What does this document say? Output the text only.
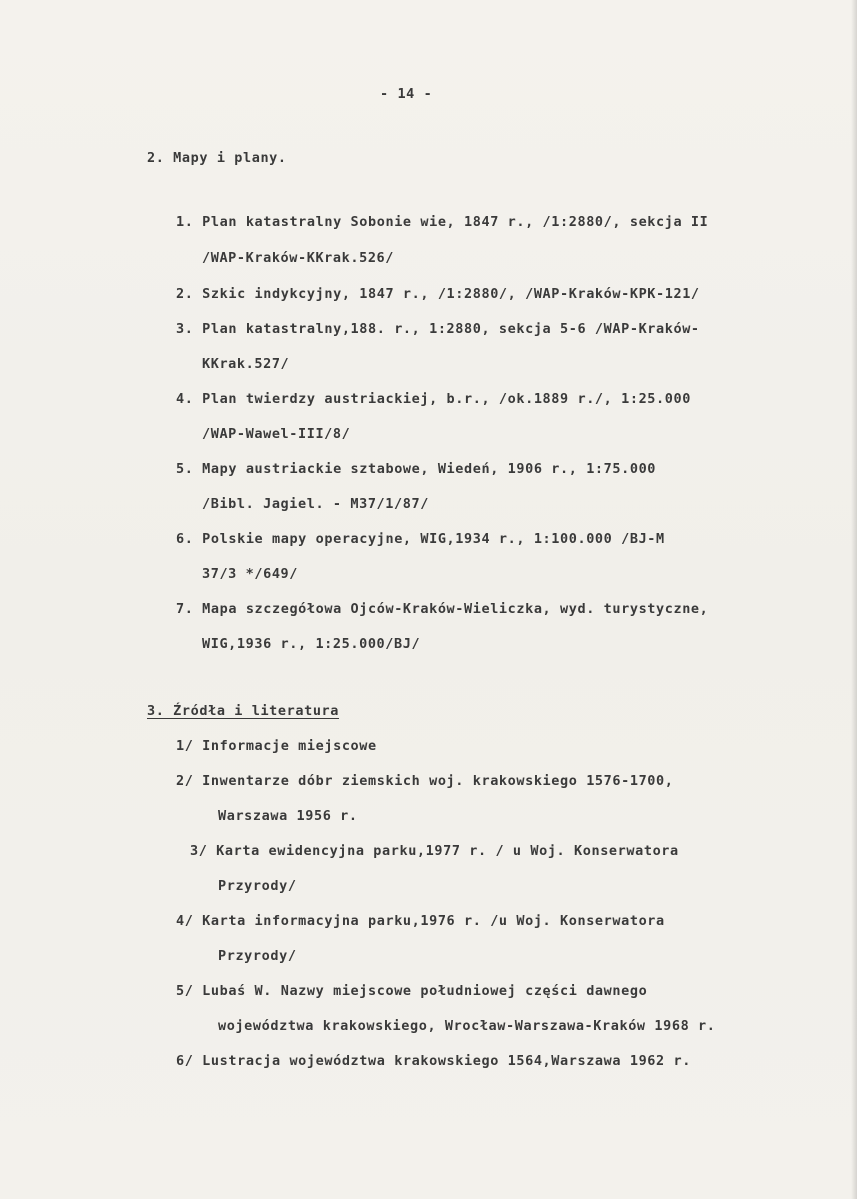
- 14 -
2. Mapy i plany.
1. Plan katastralny Sobonie wie, 1847 r., /1:2880/, sekcja II
/WAP-Kraków-KKrak.526/
2. Szkic indykcyjny, 1847 r., /1:2880/, /WAP-Kraków-KPK-121/
3. Plan katastralny,188. r., 1:2880, sekcja 5-6 /WAP-Kraków-
KKrak.527/
4. Plan twierdzy austriackiej, b.r., /ok.1889 r./, 1:25.000
/WAP-Wawel-III/8/
5. Mapy austriackie sztabowe, Wiedeń, 1906 r., 1:75.000
/Bibl. Jagiel. - M37/1/87/
6. Polskie mapy operacyjne, WIG,1934 r., 1:100.000 /BJ-M
37/3 */649/
7. Mapa szczegółowa Ojców-Kraków-Wieliczka, wyd. turystyczne,
WIG,1936 r., 1:25.000/BJ/
3. Źródła i literatura
1/ Informacje miejscowe
2/ Inwentarze dóbr ziemskich woj. krakowskiego 1576-1700,
Warszawa 1956 r.
3/ Karta ewidencyjna parku,1977 r. / u Woj. Konserwatora
Przyrody/
4/ Karta informacyjna parku,1976 r. /u Woj. Konserwatora
Przyrody/
5/ Lubaś W. Nazwy miejscowe południowej części dawnego
województwa krakowskiego, Wrocław-Warszawa-Kraków 1968 r.
6/ Lustracja województwa krakowskiego 1564,Warszawa 1962 r.
